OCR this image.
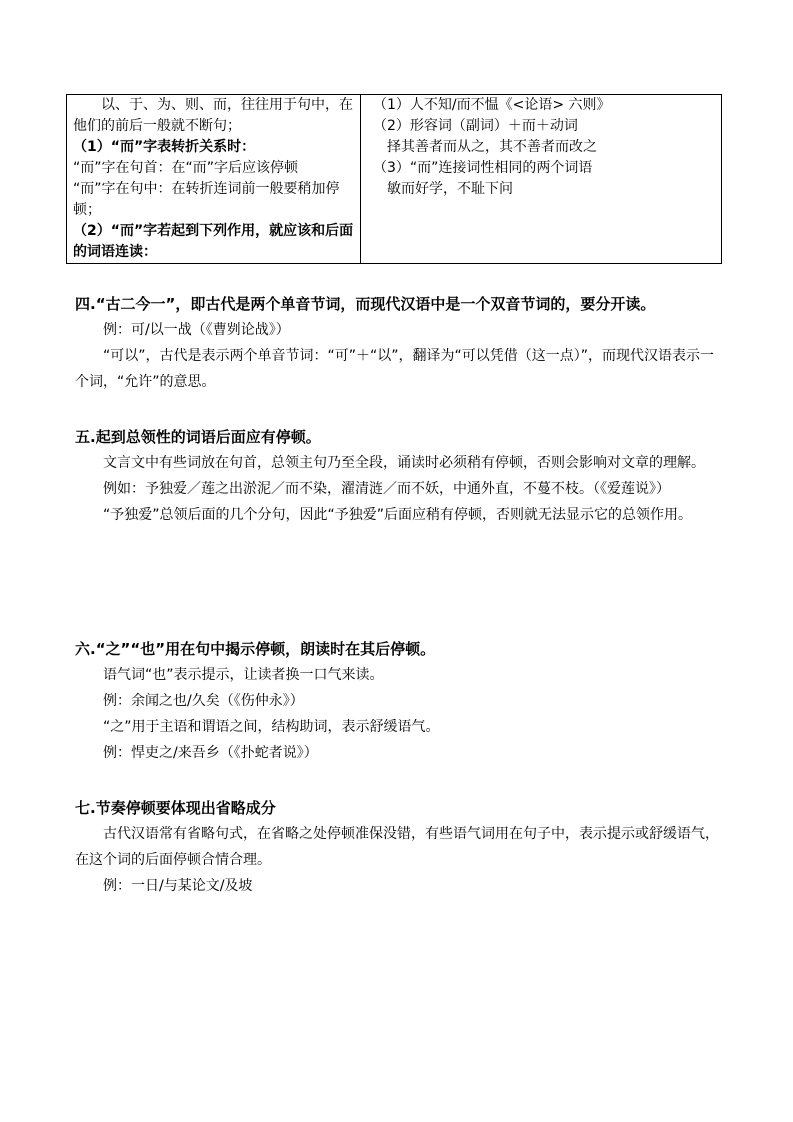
以、于、为、则、而，往往用于句中，在他们的前后一般就不断句；
（1）“而”字表转折关系时：
“而”字在句首：在“而”字后应该停顿
“而”字在句中：在转折连词前一般要稍加停顿；
（2）“而”字若起到下列作用，就应该和后面的词语连读：

（1）人不知/而不愠《<论语> 六则》
（2）形容词（副词）＋而＋动词
择其善者而从之，其不善者而改之
（3）“而”连接词性相同的两个词语
敏而好学，不耻下问
四.“古二今一”，即古代是两个单音节词，而现代汉语中是一个双音节词的，要分开读。

例：可/以一战（《曹刿论战》）

“可以”，古代是表示两个单音节词：“可”＋“以”，翻译为“可以凭借（这一点）”，而现代汉语表示一个词，“允许”的意思。

五.起到总领性的词语后面应有停顿。

文言文中有些词放在句首，总领主句乃至全段，诵读时必须稍有停顿，否则会影响对文章的理解。

例如：予独爱／莲之出淤泥／而不染，濯清涟／而不妖，中通外直，不蔓不枝。（《爱莲说》）

“予独爱”总领后面的几个分句，因此“予独爱”后面应稍有停顿，否则就无法显示它的总领作用。

六.“之”“也”用在句中揭示停顿，朗读时在其后停顿。

语气词“也”表示提示，让读者换一口气来读。

例：余闻之也/久矣（《伤仲永》）

“之”用于主语和谓语之间，结构助词，表示舒缓语气。

例：悍吏之/来吾乡（《扑蛇者说》）

七.节奏停顿要体现出省略成分

古代汉语常有省略句式，在省略之处停顿准保没错，有些语气词用在句子中，表示提示或舒缓语气，在这个词的后面停顿合情合理。

例：一日/与某论文/及坡
